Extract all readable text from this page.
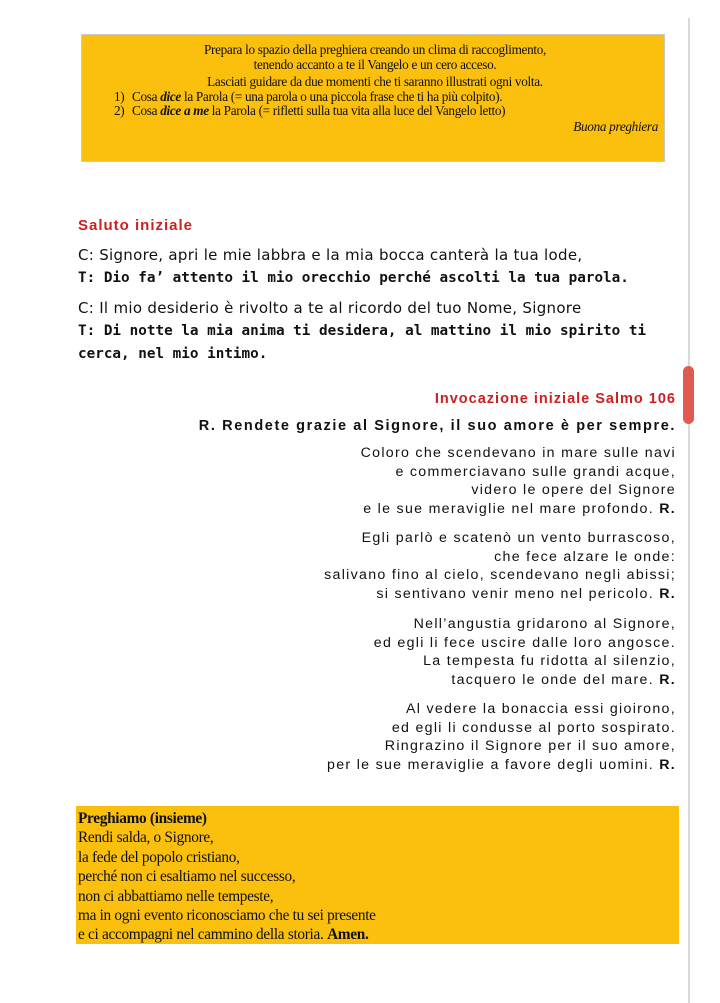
Prepara lo spazio della preghiera creando un clima di raccoglimento,
tenendo accanto a te il Vangelo e un cero acceso.
Lasciati guidare da due momenti che ti saranno illustrati ogni volta.
1) Cosa dice la Parola (= una parola o una piccola frase che ti ha più colpito).
2) Cosa dice a me la Parola (= rifletti sulla tua vita alla luce del Vangelo letto)
Buona preghiera
Saluto iniziale
C: Signore, apri le mie labbra e la mia bocca canterà la tua lode,
T: Dio fa’ attento il mio orecchio perché ascolti la tua parola.
C: Il mio desiderio è rivolto a te al ricordo del tuo Nome, Signore
T: Di notte la mia anima ti desidera, al mattino il mio spirito ti cerca, nel mio intimo.
Invocazione iniziale Salmo 106
R. Rendete grazie al Signore, il suo amore è per sempre.
Coloro che scendevano in mare sulle navi
e commerciavano sulle grandi acque,
videro le opere del Signore
e le sue meraviglie nel mare profondo. R.
Egli parlò e scatenò un vento burrascoso,
che fece alzare le onde:
salivano fino al cielo, scendevano negli abissi;
si sentivano venir meno nel pericolo. R.
Nell’angustia gridarono al Signore,
ed egli li fece uscire dalle loro angosce.
La tempesta fu ridotta al silenzio,
tacquero le onde del mare. R.
Al vedere la bonaccia essi gioirono,
ed egli li condusse al porto sospirato.
Ringrazino il Signore per il suo amore,
per le sue meraviglie a favore degli uomini. R.
Preghiamo (insieme)
Rendi salda, o Signore,
la fede del popolo cristiano,
perché non ci esaltiamo nel successo,
non ci abbattiamo nelle tempeste,
ma in ogni evento riconosciamo che tu sei presente
e ci accompagni nel cammino della storia. Amen.
